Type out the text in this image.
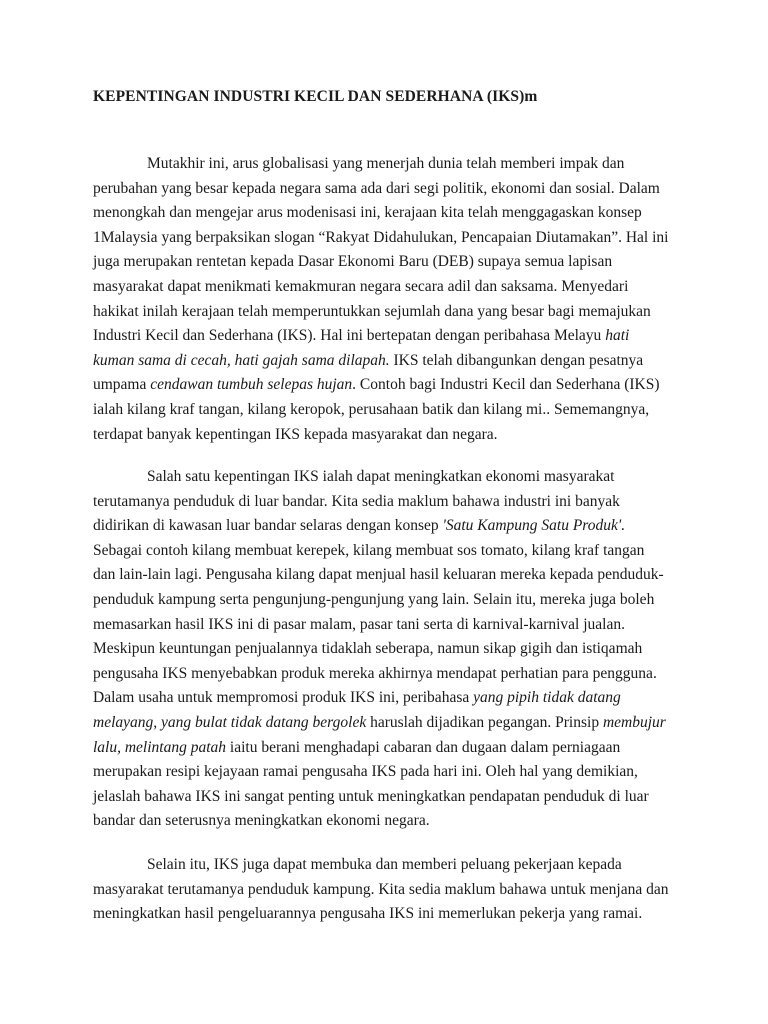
KEPENTINGAN INDUSTRI KECIL DAN SEDERHANA (IKS)m
Mutakhir ini, arus globalisasi yang menerjah dunia telah memberi impak dan
perubahan yang besar kepada negara sama ada dari segi politik, ekonomi dan sosial. Dalam
menongkah dan mengejar arus modenisasi ini, kerajaan kita telah menggagaskan konsep
1Malaysia yang berpaksikan slogan “Rakyat Didahulukan, Pencapaian Diutamakan”. Hal ini
juga merupakan rentetan kepada Dasar Ekonomi Baru (DEB) supaya semua lapisan
masyarakat dapat menikmati kemakmuran negara secara adil dan saksama. Menyedari
hakikat inilah kerajaan telah memperuntukkan sejumlah dana yang besar bagi memajukan
Industri Kecil dan Sederhana (IKS). Hal ini bertepatan dengan peribahasa Melayu hati
kuman sama di cecah, hati gajah sama dilapah. IKS telah dibangunkan dengan pesatnya
umpama cendawan tumbuh selepas hujan. Contoh bagi Industri Kecil dan Sederhana (IKS)
ialah kilang kraf tangan, kilang keropok, perusahaan batik dan kilang mi.. Sememangnya,
terdapat banyak kepentingan IKS kepada masyarakat dan negara.
Salah satu kepentingan IKS ialah dapat meningkatkan ekonomi masyarakat
terutamanya penduduk di luar bandar. Kita sedia maklum bahawa industri ini banyak
didirikan di kawasan luar bandar selaras dengan konsep 'Satu Kampung Satu Produk'.
Sebagai contoh kilang membuat kerepek, kilang membuat sos tomato, kilang kraf tangan
dan lain-lain lagi. Pengusaha kilang dapat menjual hasil keluaran mereka kepada penduduk-
penduduk kampung serta pengunjung-pengunjung yang lain. Selain itu, mereka juga boleh
memasarkan hasil IKS ini di pasar malam, pasar tani serta di karnival-karnival jualan.
Meskipun keuntungan penjualannya tidaklah seberapa, namun sikap gigih dan istiqamah
pengusaha IKS menyebabkan produk mereka akhirnya mendapat perhatian para pengguna.
Dalam usaha untuk mempromosi produk IKS ini, peribahasa yang pipih tidak datang
melayang, yang bulat tidak datang bergolek haruslah dijadikan pegangan. Prinsip membujur
lalu, melintang patah iaitu berani menghadapi cabaran dan dugaan dalam perniagaan
merupakan resipi kejayaan ramai pengusaha IKS pada hari ini. Oleh hal yang demikian,
jelaslah bahawa IKS ini sangat penting untuk meningkatkan pendapatan penduduk di luar
bandar dan seterusnya meningkatkan ekonomi negara.
Selain itu, IKS juga dapat membuka dan memberi peluang pekerjaan kepada
masyarakat terutamanya penduduk kampung. Kita sedia maklum bahawa untuk menjana dan
meningkatkan hasil pengeluarannya pengusaha IKS ini memerlukan pekerja yang ramai.
